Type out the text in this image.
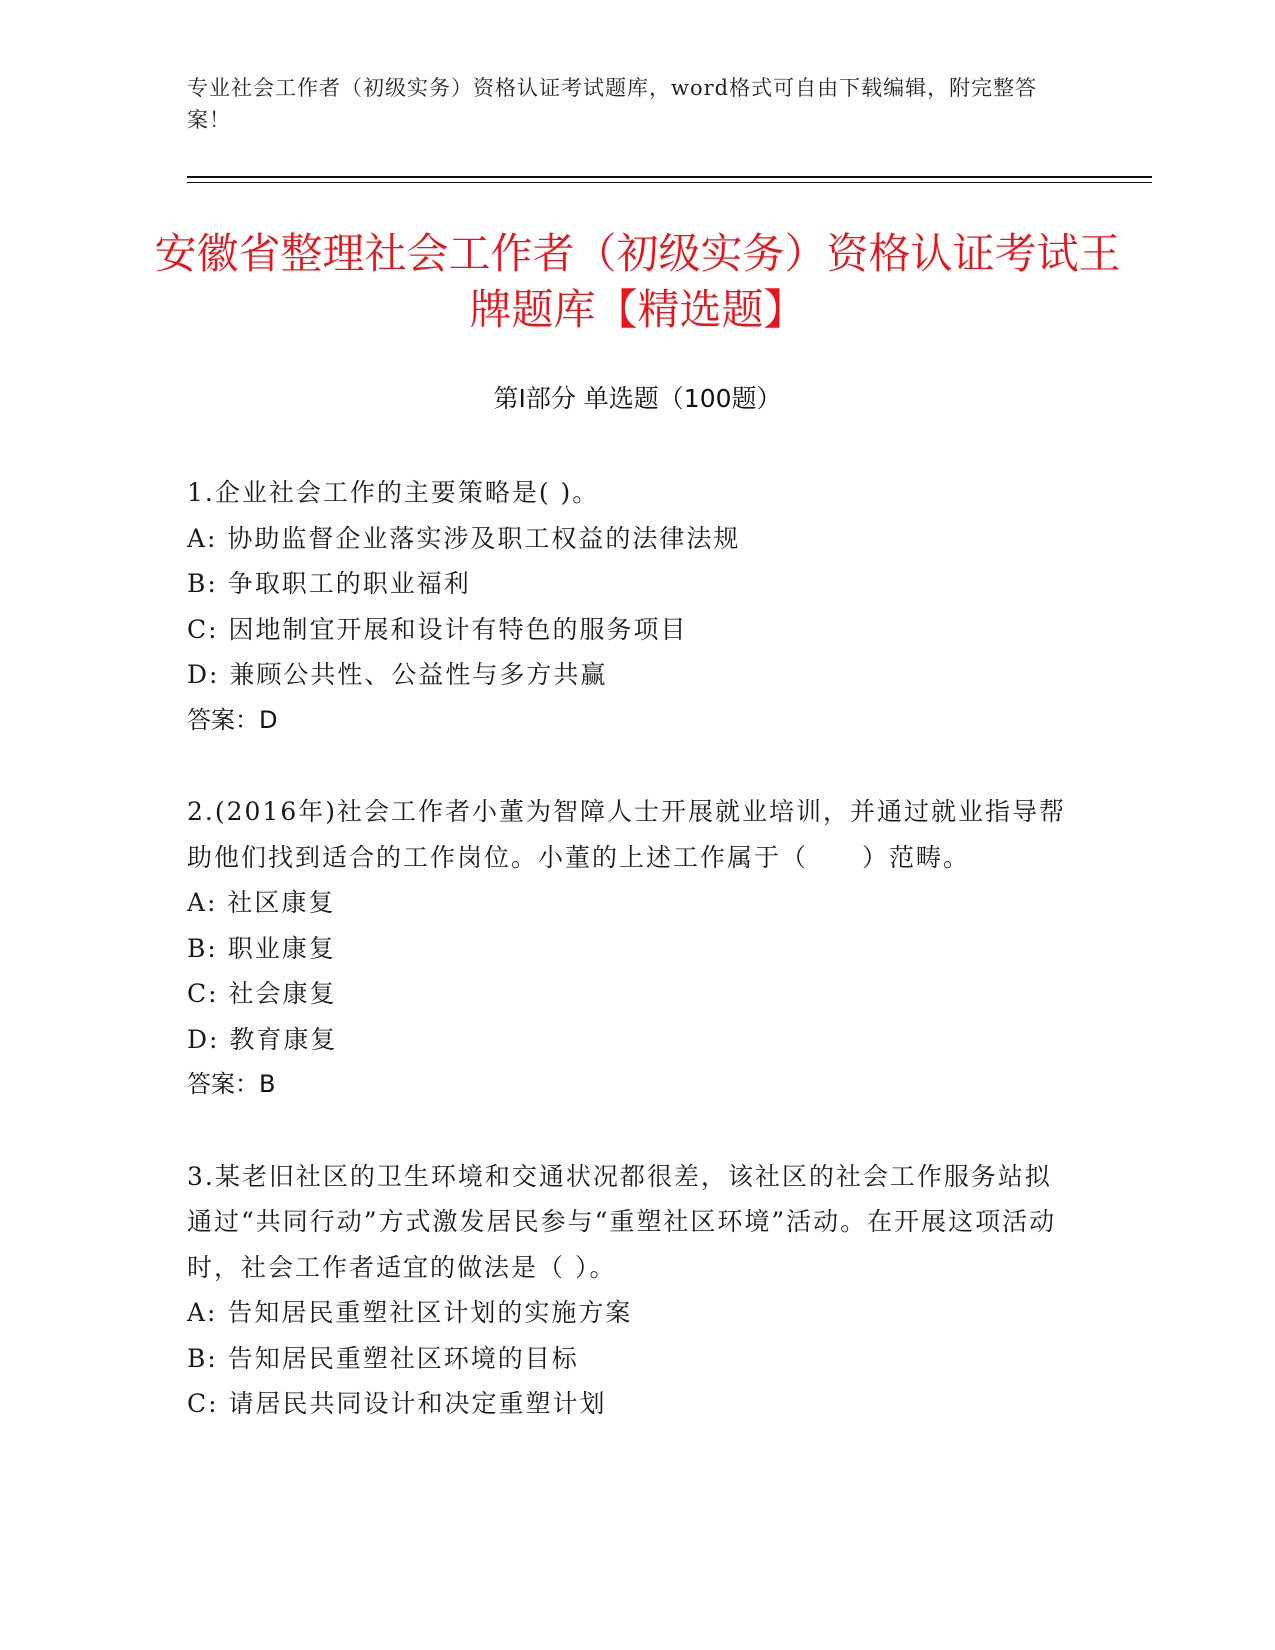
专业社会工作者（初级实务）资格认证考试题库，word格式可自由下载编辑，附完整答案！
安徽省整理社会工作者（初级实务）资格认证考试王牌题库【精选题】
第I部分 单选题（100题）
1.企业社会工作的主要策略是( )。
A: 协助监督企业落实涉及职工权益的法律法规
B: 争取职工的职业福利
C: 因地制宜开展和设计有特色的服务项目
D: 兼顾公共性、公益性与多方共赢
答案：D
2.(2016年)社会工作者小董为智障人士开展就业培训，并通过就业指导帮助他们找到适合的工作岗位。小董的上述工作属于（　　）范畴。
A: 社区康复
B: 职业康复
C: 社会康复
D: 教育康复
答案：B
3.某老旧社区的卫生环境和交通状况都很差，该社区的社会工作服务站拟通过“共同行动”方式激发居民参与“重塑社区环境”活动。在开展这项活动时，社会工作者适宜的做法是（ ）。
A: 告知居民重塑社区计划的实施方案
B: 告知居民重塑社区环境的目标
C: 请居民共同设计和决定重塑计划
